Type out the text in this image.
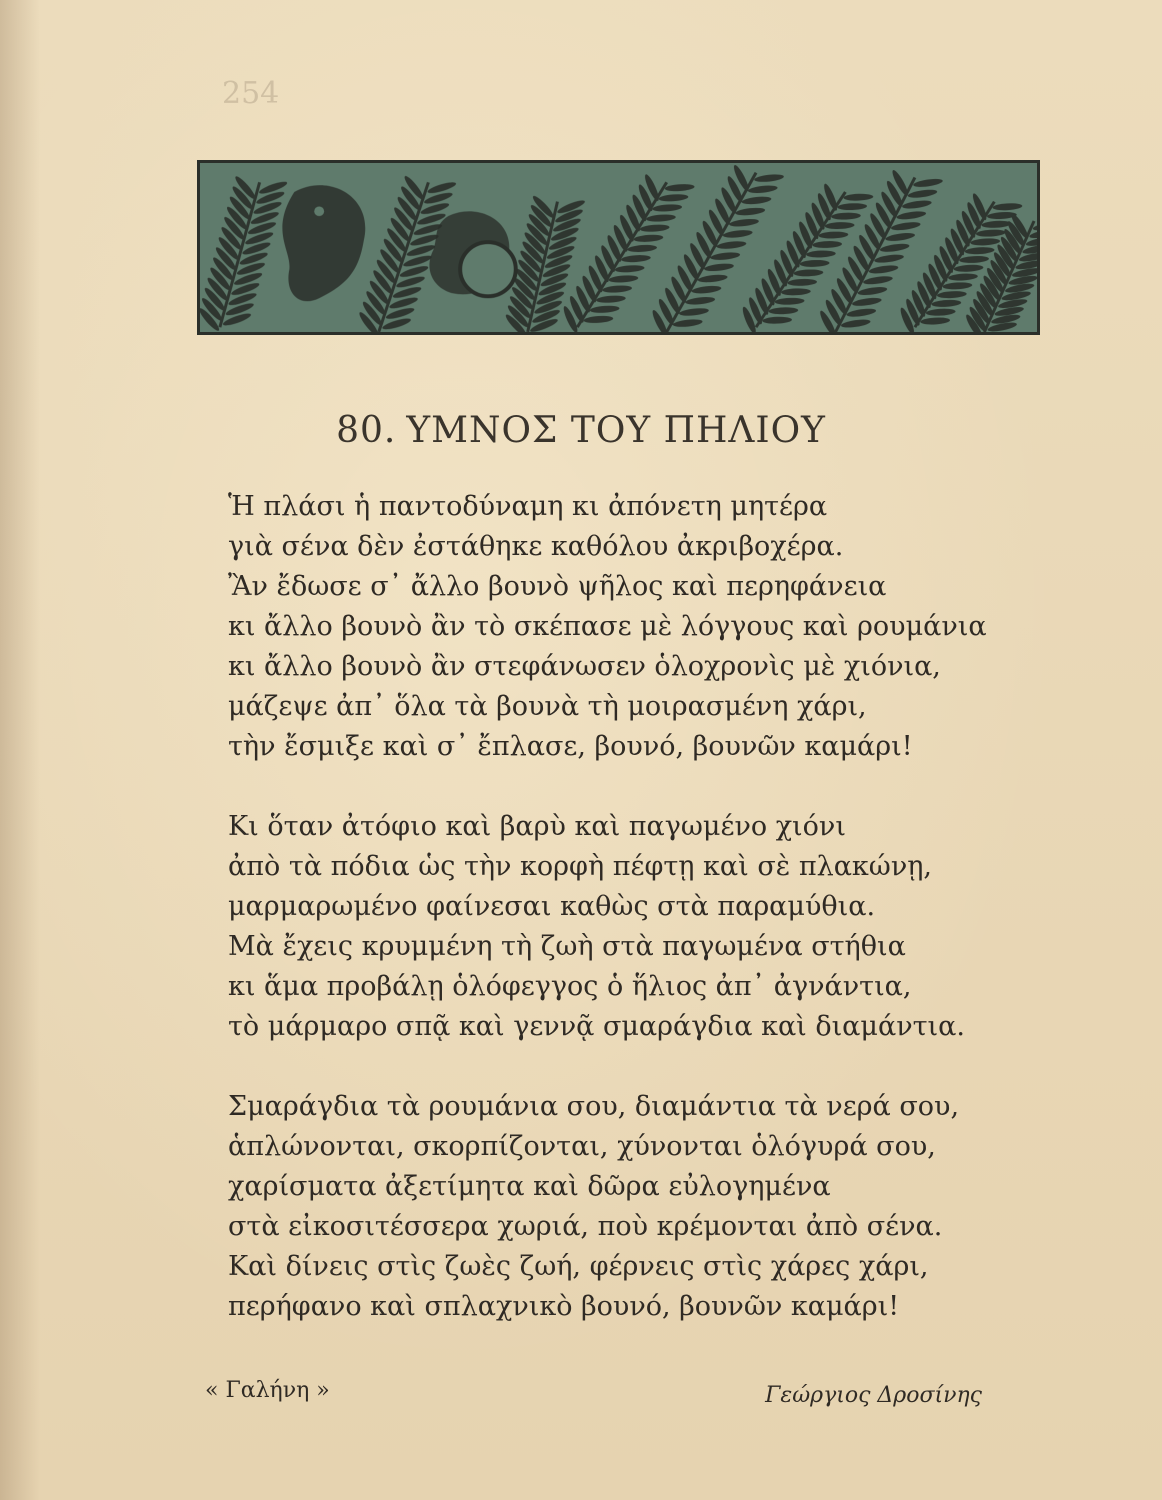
254
80. ΥΜΝΟΣ ΤΟΥ ΠΗΛΙΟΥ
Ἡ πλάσι ἡ παντοδύναμη κι ἀπόνετη μητέρα
γιὰ σένα δὲν ἐστάθηκε καθόλου ἀκριβοχέρα.
Ἂν ἔδωσε σ᾿ ἄλλο βουνὸ ψῆλος καὶ περηφάνεια
κι ἄλλο βουνὸ ἂν τὸ σκέπασε μὲ λόγγους καὶ ρουμάνια
κι ἄλλο βουνὸ ἂν στεφάνωσεν ὁλοχρονὶς μὲ χιόνια,
μάζεψε ἀπ᾿ ὅλα τὰ βουνὰ τὴ μοιρασμένη χάρι,
τὴν ἔσμιξε καὶ σ᾿ ἔπλασε, βουνό, βουνῶν καμάρι!
Κι ὅταν ἀτόφιο καὶ βαρὺ καὶ παγωμένο χιόνι
ἀπὸ τὰ πόδια ὡς τὴν κορφὴ πέφτῃ καὶ σὲ πλακώνῃ,
μαρμαρωμένο φαίνεσαι καθὼς στὰ παραμύθια.
Μὰ ἔχεις κρυμμένη τὴ ζωὴ στὰ παγωμένα στήθια
κι ἅμα προβάλῃ ὁλόφεγγος ὁ ἥλιος ἀπ᾿ ἀγνάντια,
τὸ μάρμαρο σπᾷ καὶ γεννᾷ σμαράγδια καὶ διαμάντια.
Σμαράγδια τὰ ρουμάνια σου, διαμάντια τὰ νερά σου,
ἁπλώνονται, σκορπίζονται, χύνονται ὁλόγυρά σου,
χαρίσματα ἀξετίμητα καὶ δῶρα εὐλογημένα
στὰ εἰκοσιτέσσερα χωριά, ποὺ κρέμονται ἀπὸ σένα.
Καὶ δίνεις στὶς ζωὲς ζωή, φέρνεις στὶς χάρες χάρι,
περήφανο καὶ σπλαχνικὸ βουνό, βουνῶν καμάρι!
« Γαλήνη »	Γεώργιος Δροσίνης
